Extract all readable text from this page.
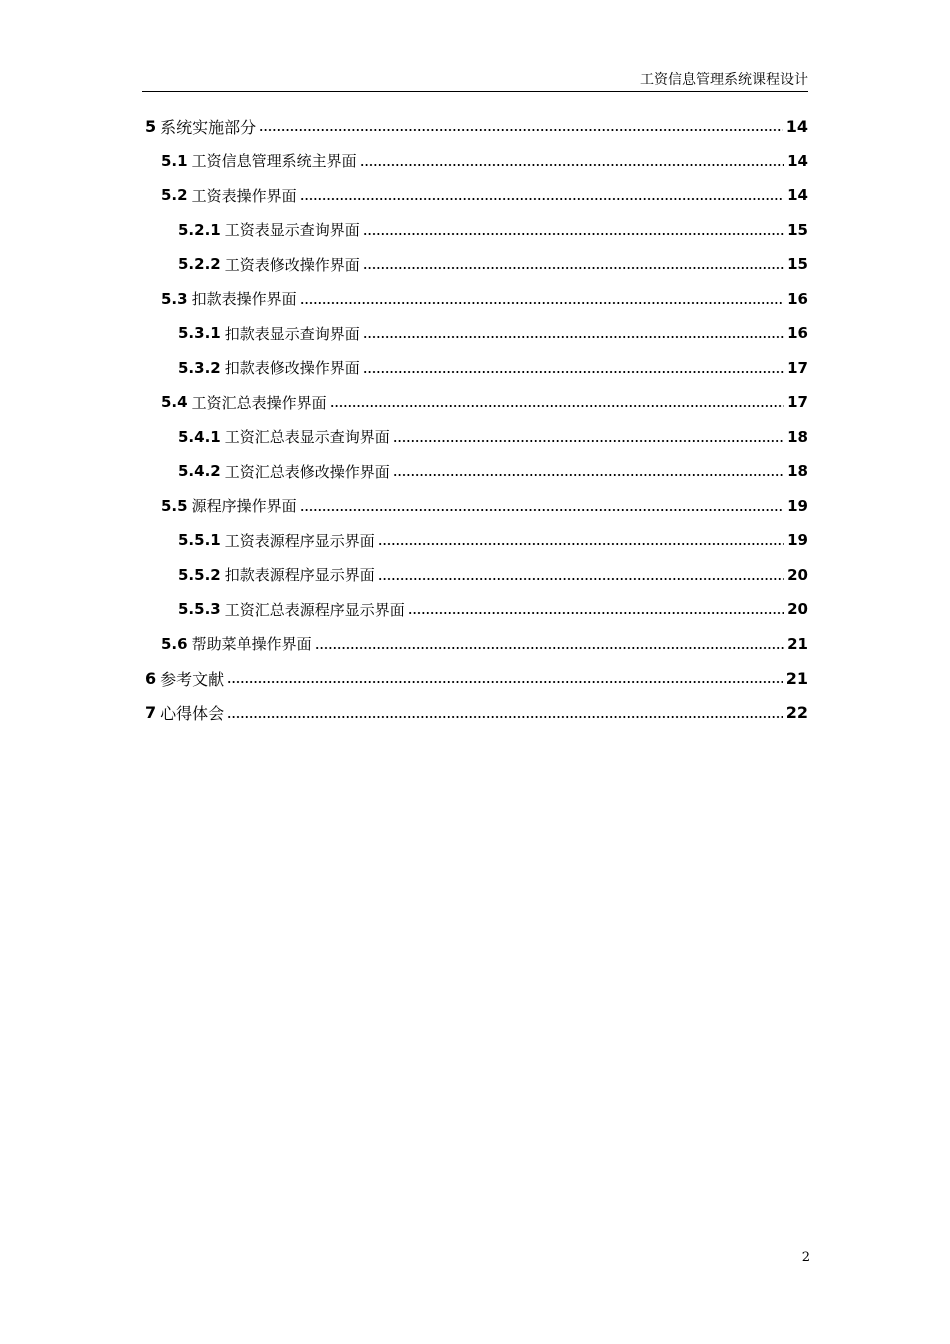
工资信息管理系统课程设计
5 系统实施部分	14
5.1 工资信息管理系统主界面	14
5.2 工资表操作界面	14
5.2.1 工资表显示查询界面	15
5.2.2 工资表修改操作界面	15
5.3 扣款表操作界面	16
5.3.1 扣款表显示查询界面	16
5.3.2 扣款表修改操作界面	17
5.4 工资汇总表操作界面	17
5.4.1 工资汇总表显示查询界面	18
5.4.2 工资汇总表修改操作界面	18
5.5 源程序操作界面	19
5.5.1 工资表源程序显示界面	19
5.5.2 扣款表源程序显示界面	20
5.5.3 工资汇总表源程序显示界面	20
5.6 帮助菜单操作界面	21
6 参考文献	21
7 心得体会	22
2
